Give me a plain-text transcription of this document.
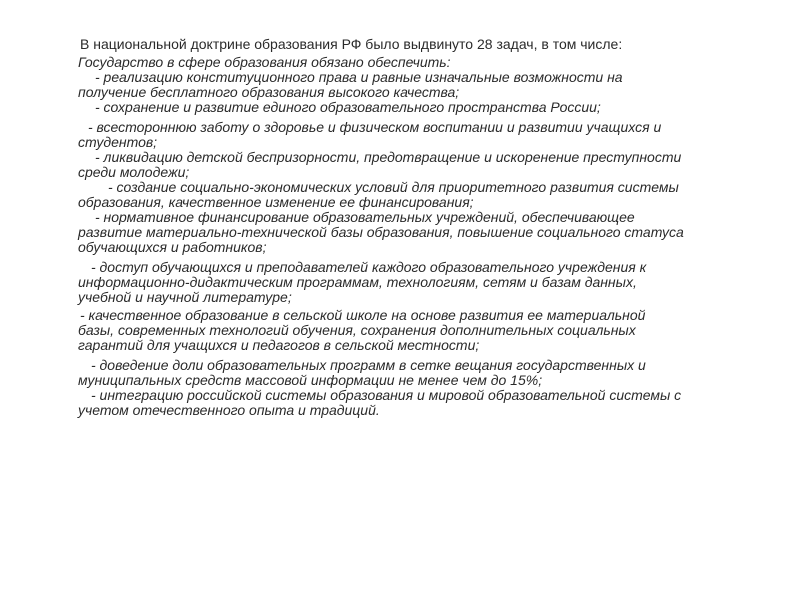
В национальной доктрине образования РФ было выдвинуто 28 задач, в том числе:
Государство в сфере образования обязано обеспечить:
- реализацию конституционного права и равные изначальные возможности на
получение бесплатного образования высокого качества;
- сохранение и развитие единого образовательного пространства России;
- всестороннюю заботу о здоровье и физическом воспитании и развитии учащихся и
студентов;
- ликвидацию детской беспризорности, предотвращение и искоренение преступности
среди молодежи;
- создание социально-экономических условий для приоритетного развития системы
образования, качественное изменение ее финансирования;
- нормативное финансирование образовательных учреждений, обеспечивающее
развитие материально-технической базы образования, повышение социального статуса
обучающихся и работников;
- доступ обучающихся и преподавателей каждого образовательного учреждения к
информационно-дидактическим программам, технологиям, сетям и базам данных,
учебной и научной литературе;
- качественное образование в сельской школе на основе развития ее материальной
базы, современных технологий обучения, сохранения дополнительных социальных
гарантий для учащихся и педагогов в сельской местности;
- доведение доли образовательных программ в сетке вещания государственных и
муниципальных средств массовой информации не менее чем до 15%;
- интеграцию российской системы образования и мировой образовательной системы с
учетом отечественного опыта и традиций.
